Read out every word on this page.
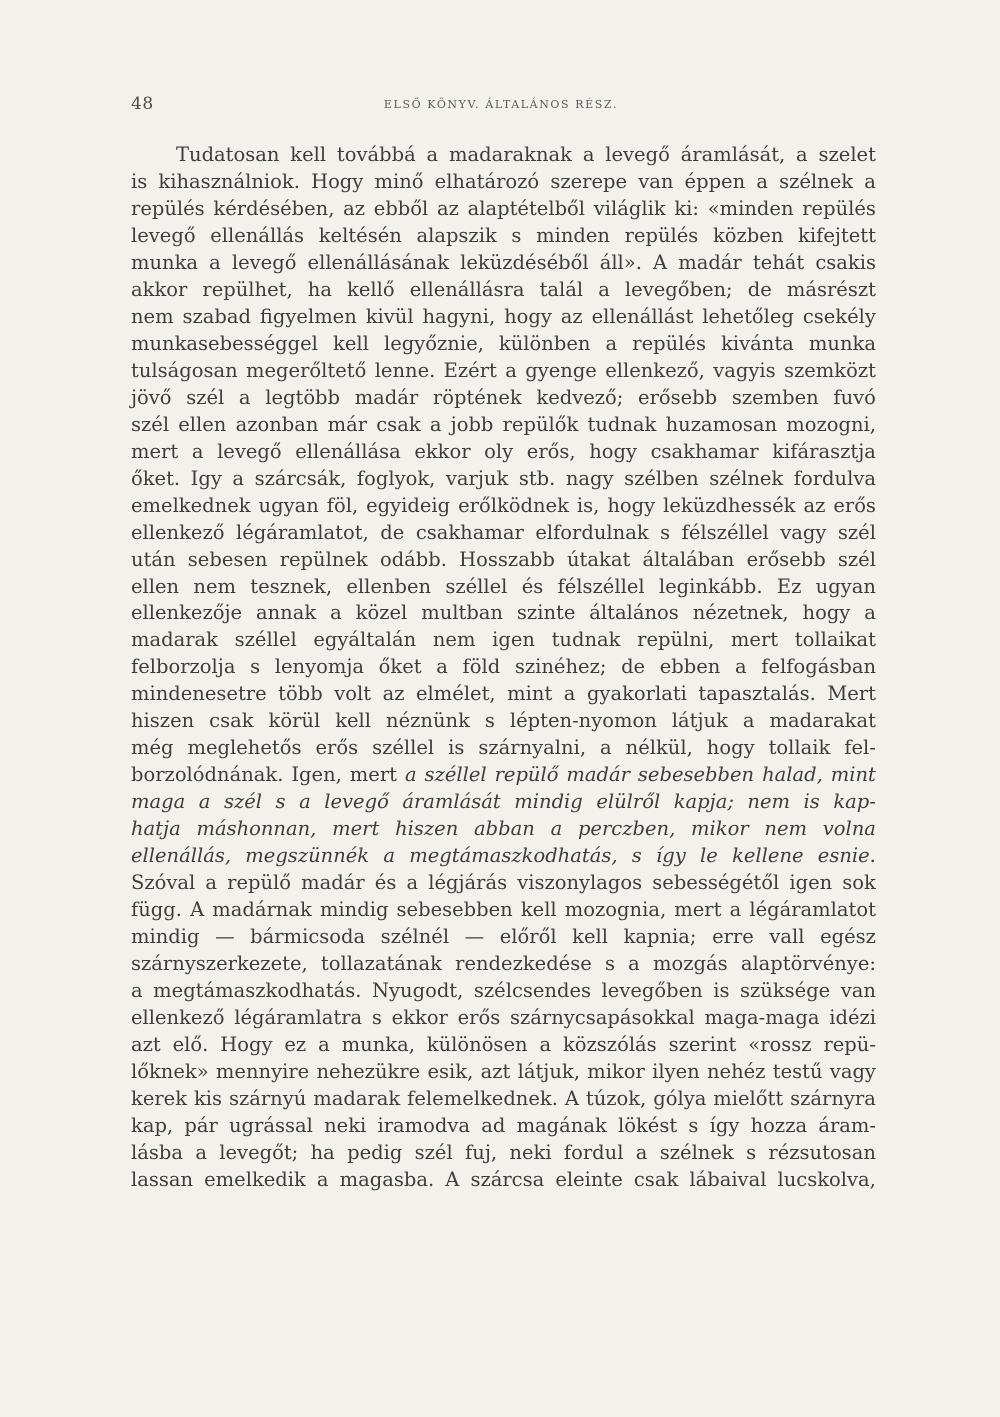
48	ELSŐ KÖNYV. ÁLTALÁNOS RÉSZ.
Tudatosan kell továbbá a madaraknak a levegő áramlását, a szelet
is kihasználniok. Hogy minő elhatározó szerepe van éppen a szélnek a
repülés kérdésében, az ebből az alaptételből világlik ki: «minden repülés
levegő ellenállás keltésén alapszik s minden repülés közben kifejtett
munka a levegő ellenállásának leküzdéséből áll». A madár tehát csakis
akkor repülhet, ha kellő ellenállásra talál a levegőben; de másrészt
nem szabad figyelmen kivül hagyni, hogy az ellenállást lehetőleg csekély
munkasebességgel kell legyőznie, különben a repülés kivánta munka
tulságosan megerőltető lenne. Ezért a gyenge ellenkező, vagyis szemközt
jövő szél a legtöbb madár röptének kedvező; erősebb szemben fuvó
szél ellen azonban már csak a jobb repülők tudnak huzamosan mozogni,
mert a levegő ellenállása ekkor oly erős, hogy csakhamar kifárasztja
őket. Igy a szárcsák, foglyok, varjuk stb. nagy szélben szélnek fordulva
emelkednek ugyan föl, egyideig erőlködnek is, hogy leküzdhessék az erős
ellenkező légáramlatot, de csakhamar elfordulnak s félszéllel vagy szél
után sebesen repülnek odább. Hosszabb útakat általában erősebb szél
ellen nem tesznek, ellenben széllel és félszéllel leginkább. Ez ugyan
ellenkezője annak a közel multban szinte általános nézetnek, hogy a
madarak széllel egyáltalán nem igen tudnak repülni, mert tollaikat
felborzolja s lenyomja őket a föld szinéhez; de ebben a felfogásban
mindenesetre több volt az elmélet, mint a gyakorlati tapasztalás. Mert
hiszen csak körül kell néznünk s lépten-nyomon látjuk a madarakat
még meglehetős erős széllel is szárnyalni, a nélkül, hogy tollaik fel-
borzolódnának. Igen, mert a széllel repülő madár sebesebben halad, mint
maga a szél s a levegő áramlását mindig elülről kapja; nem is kap-
hatja máshonnan, mert hiszen abban a perczben, mikor nem volna
ellenállás, megszünnék a megtámaszkodhatás, s így le kellene esnie.
Szóval a repülő madár és a légjárás viszonylagos sebességétől igen sok
függ. A madárnak mindig sebesebben kell mozognia, mert a légáramlatot
mindig — bármicsoda szélnél — előről kell kapnia; erre vall egész
szárnyszerkezete, tollazatának rendezkedése s a mozgás alaptörvénye:
a megtámaszkodhatás. Nyugodt, szélcsendes levegőben is szüksége van
ellenkező légáramlatra s ekkor erős szárnycsapásokkal maga-maga idézi
azt elő. Hogy ez a munka, különösen a közszólás szerint «rossz repü-
lőknek» mennyire nehezükre esik, azt látjuk, mikor ilyen nehéz testű vagy
kerek kis szárnyú madarak felemelkednek. A túzok, gólya mielőtt szárnyra
kap, pár ugrással neki iramodva ad magának lökést s így hozza áram-
lásba a levegőt; ha pedig szél fuj, neki fordul a szélnek s rézsutosan
lassan emelkedik a magasba. A szárcsa eleinte csak lábaival lucskolva,
